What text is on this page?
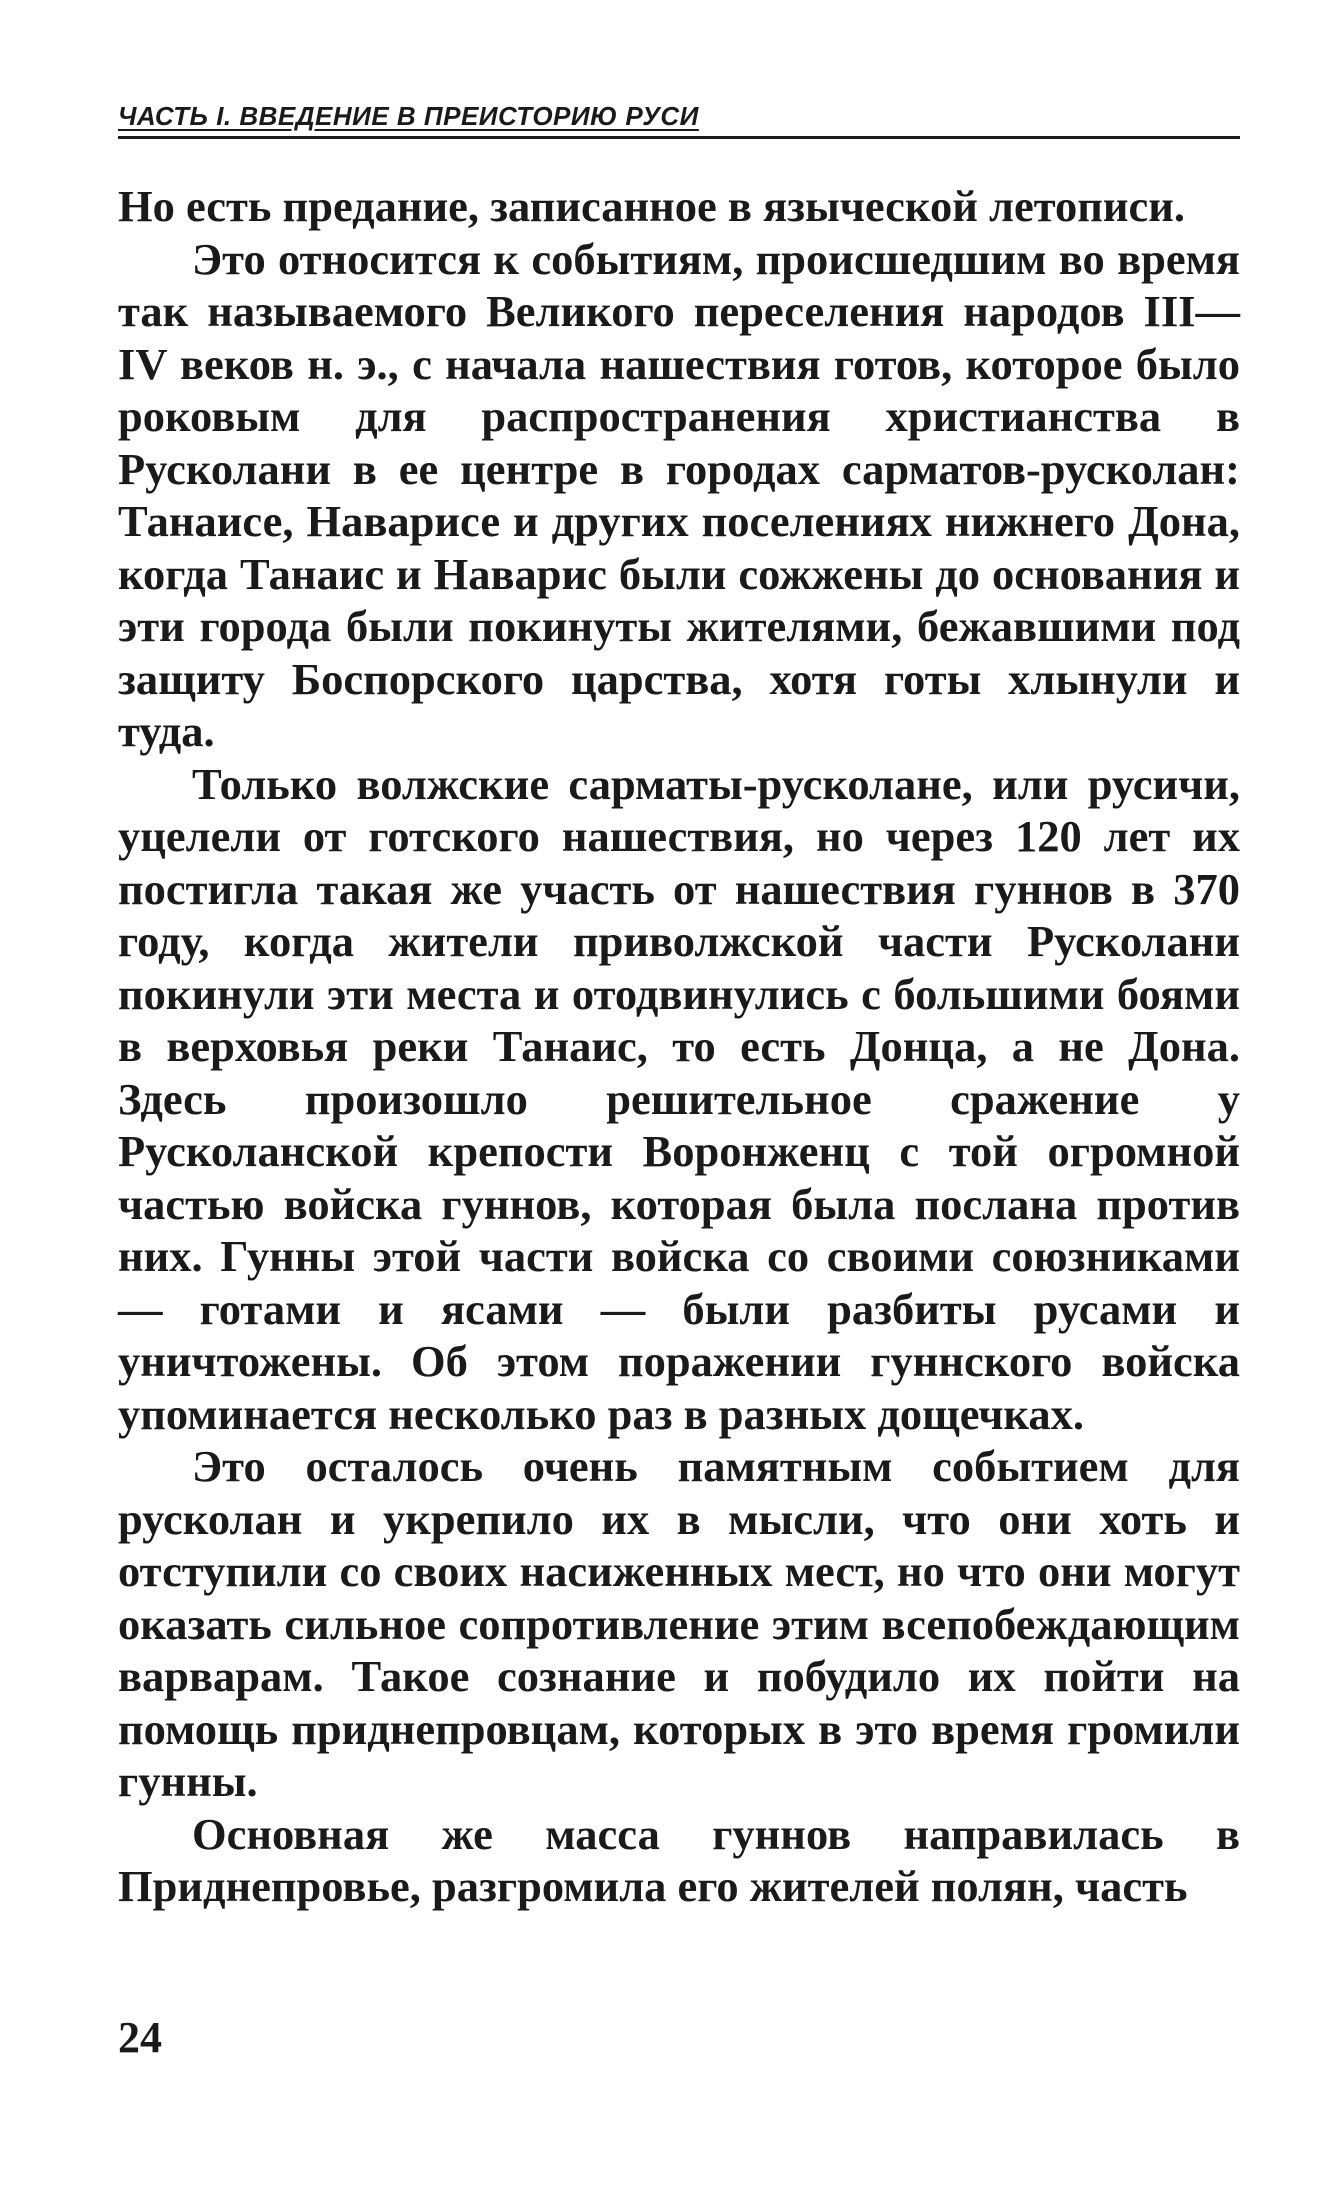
ЧАСТЬ I. ВВЕДЕНИЕ В ПРЕИСТОРИЮ РУСИ

Но есть предание, записанное в языческой летописи.

Это относится к событиям, происшедшим во время так называемого Великого переселения народов III—IV веков н. э., с начала нашествия готов, которое было роковым для распространения христианства в Русколани в ее центре в городах сарматов-русколан: Танаисе, Наварисе и других поселениях нижнего Дона, когда Танаис и Наварис были сожжены до основания и эти города были покинуты жителями, бежавшими под защиту Боспорского царства, хотя готы хлынули и туда.

Только волжские сарматы-русколане, или русичи, уцелели от готского нашествия, но через 120 лет их постигла такая же участь от нашествия гуннов в 370 году, когда жители приволжской части Русколани покинули эти места и отодвинулись с большими боями в верховья реки Танаис, то есть Донца, а не Дона. Здесь произошло решительное сражение у Русколанской крепости Воронженц с той огромной частью войска гуннов, которая была послана против них. Гунны этой части войска со своими союзниками — готами и ясами — были разбиты русами и уничтожены. Об этом поражении гуннского войска упоминается несколько раз в разных дощечках.

Это осталось очень памятным событием для русколан и укрепило их в мысли, что они хоть и отступили со своих насиженных мест, но что они могут оказать сильное сопротивление этим всепобеждающим варварам. Такое сознание и побудило их пойти на помощь приднепровцам, которых в это время громили гунны.

Основная же масса гуннов направилась в Приднепровье, разгромила его жителей полян, часть

24
